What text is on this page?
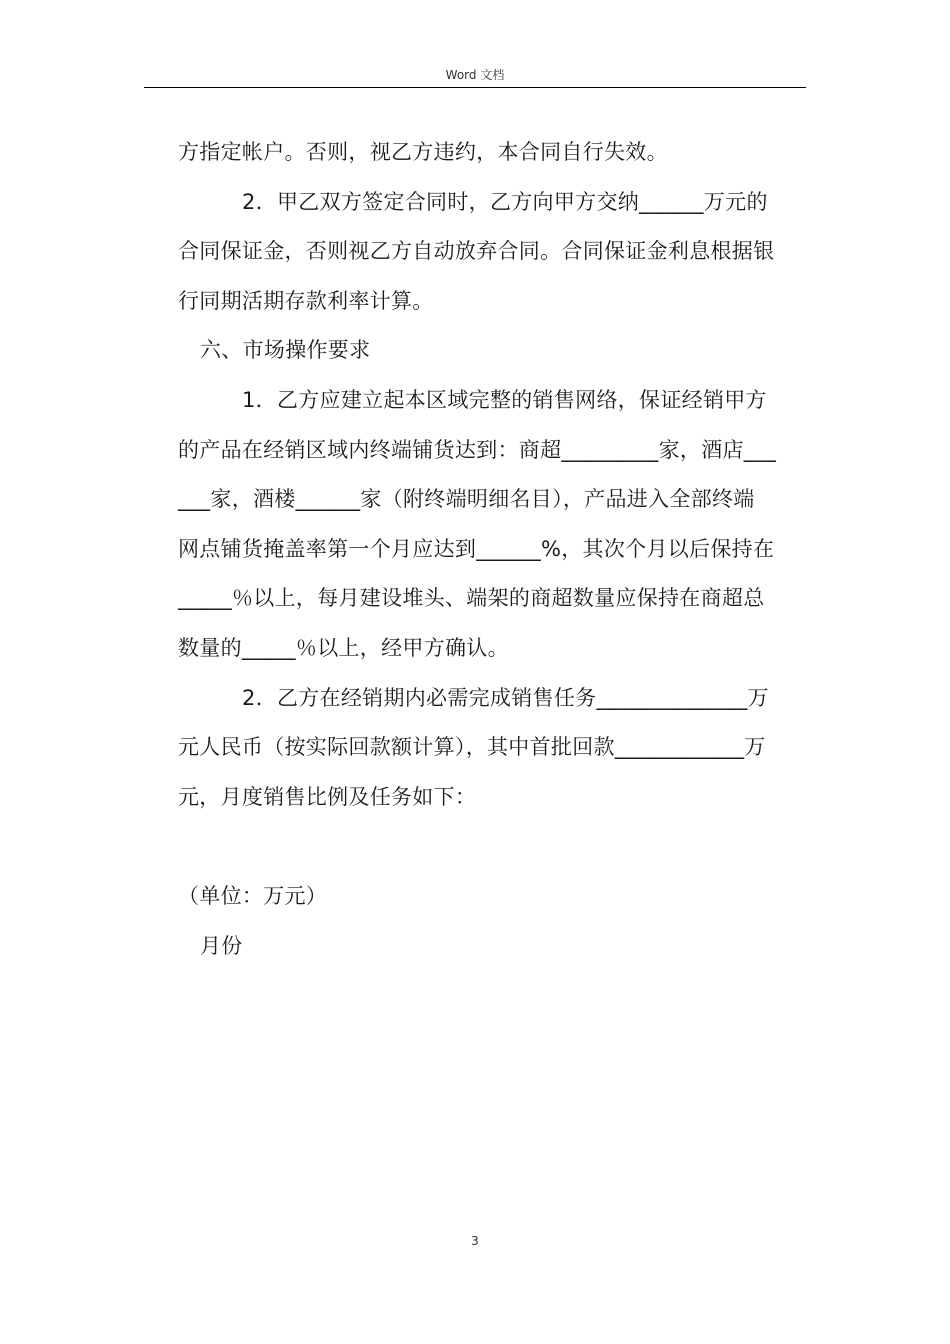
Word 文档
方指定帐户。否则，视乙方违约，本合同自行失效。
2．甲乙双方签定合同时，乙方向甲方交纳______万元的
合同保证金，否则视乙方自动放弃合同。合同保证金利息根据银
行同期活期存款利率计算。
六、市场操作要求
1．乙方应建立起本区域完整的销售网络，保证经销甲方
的产品在经销区域内终端铺货达到：商超_________家，酒店___
___家，酒楼______家（附终端明细名目），产品进入全部终端
网点铺货掩盖率第一个月应达到______%，其次个月以后保持在
_____％以上，每月建设堆头、端架的商超数量应保持在商超总
数量的_____％以上，经甲方确认。
2．乙方在经销期内必需完成销售任务______________万
元人民币（按实际回款额计算），其中首批回款____________万
元，月度销售比例及任务如下：
（单位：万元）
月份
3
